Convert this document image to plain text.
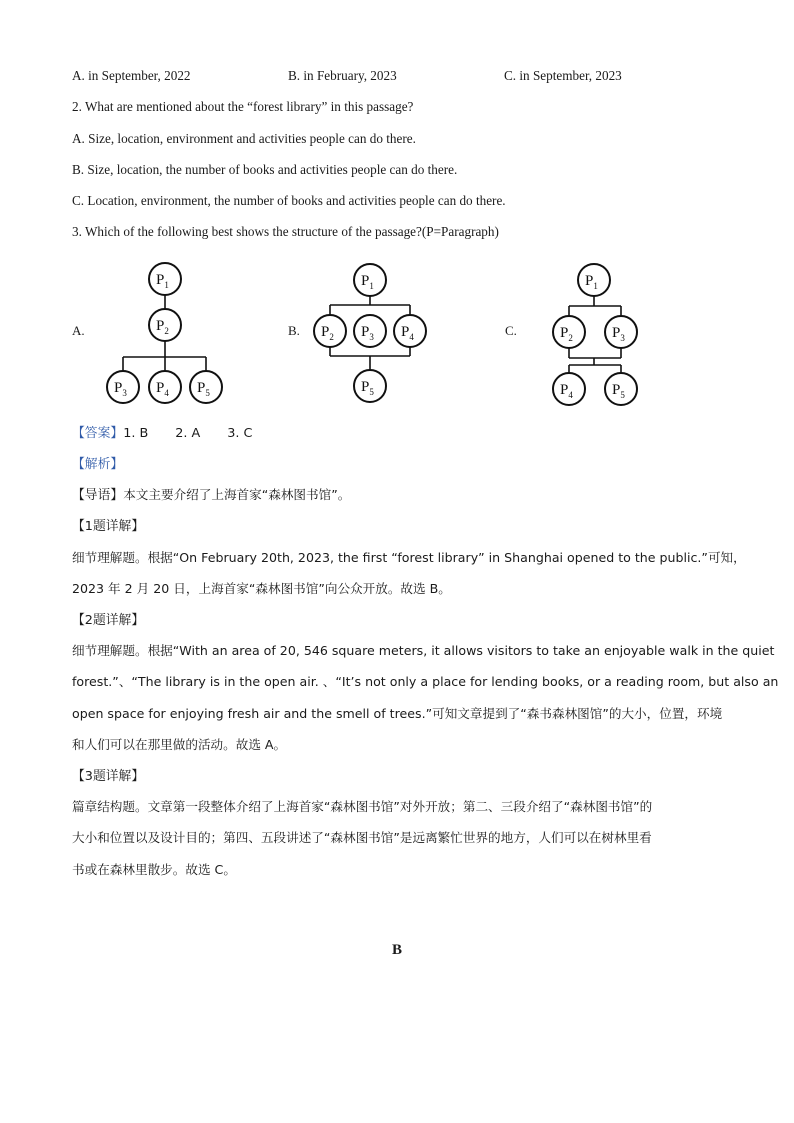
A. in September, 2022	B. in February, 2023	C. in September, 2023
2. What are mentioned about the “forest library” in this passage?
A. Size, location, environment and activities people can do there.
B. Size, location, the number of books and activities people can do there.
C. Location, environment, the number of books and activities people can do there.
3. Which of the following best shows the structure of the passage?(P=Paragraph)
A.	B.	C.
$P_1$
$P_2$
$P_3$ $P_4$ $P_5$
$P_1$
$P_2$ $P_3$ $P_4$
$P_5$
$P_1$
$P_2$	$P_3$
$P_4$	$P_5$
【答案】1. B 2. A 3. C
【解析】
【导语】本文主要介绍了上海首家“森林图书馆”。
【1题详解】
细节理解题。根据“On February 20th, 2023, the first “forest library” in Shanghai opened to the public.”可知，
2023 年 2 月 20 日，上海首家“森林图书馆”向公众开放。故选 B。
【2题详解】
细节理解题。根据“With an area of 20, 546 square meters, it allows visitors to take an enjoyable walk in the quiet
forest.”、“The library is in the open air. 、“It’s not only a place for lending books, or a reading room, but also an
open space for enjoying fresh air and the smell of trees.”可知文章提到了“森书森林图馆”的大小，位置，环境
和人们可以在那里做的活动。故选 A。
【3题详解】
篇章结构题。文章第一段整体介绍了上海首家“森林图书馆”对外开放；第二、三段介绍了“森林图书馆”的
大小和位置以及设计目的；第四、五段讲述了“森林图书馆”是远离繁忙世界的地方，人们可以在树林里看
书或在森林里散步。故选 C。
B
